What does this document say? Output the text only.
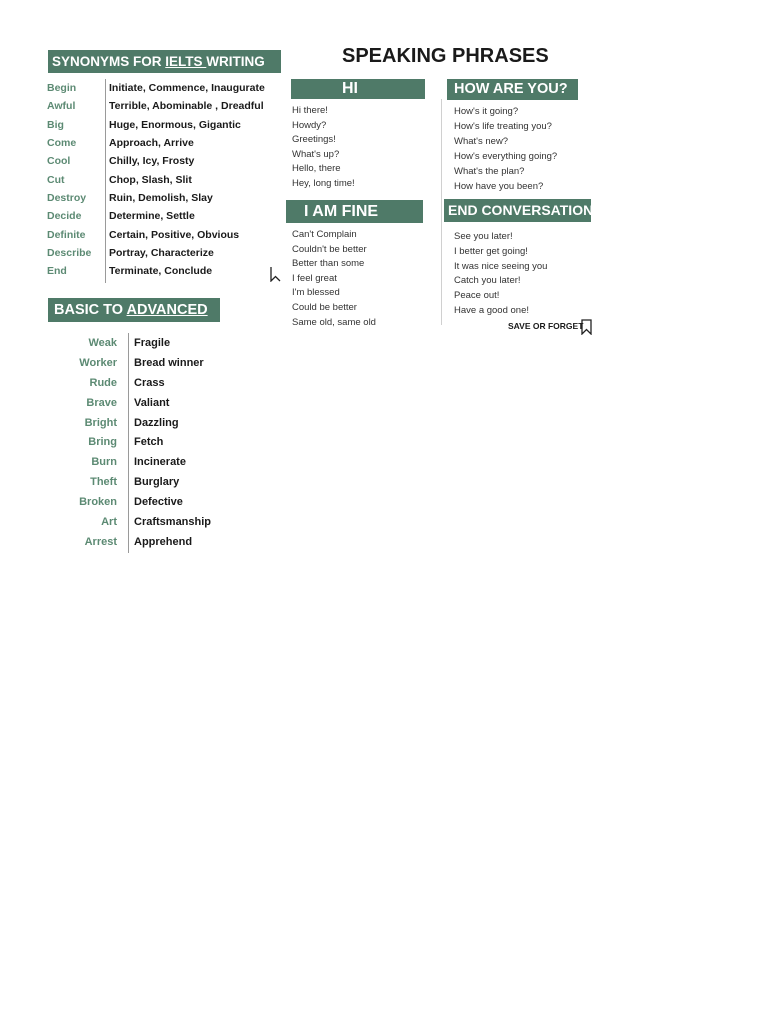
SYNONYMS FOR IELTS WRITING
Begin	Initiate, Commence, Inaugurate
Awful	Terrible, Abominable , Dreadful
Big	Huge, Enormous, Gigantic
Come	Approach, Arrive
Cool	Chilly, Icy, Frosty
Cut	Chop, Slash, Slit
Destroy	Ruin, Demolish, Slay
Decide	Determine, Settle
Definite	Certain, Positive, Obvious
Describe	Portray, Characterize
End	Terminate, Conclude
BASIC TO ADVANCED
Weak	Fragile
Worker	Bread winner
Rude	Crass
Brave	Valiant
Bright	Dazzling
Bring	Fetch
Burn	Incinerate
Theft	Burglary
Broken	Defective
Art	Craftsmanship
Arrest	Apprehend
SPEAKING PHRASES
HI
Hi there!
Howdy?
Greetings!
What's up?
Hello, there
Hey, long time!
HOW ARE YOU?
How's it going?
How's life treating you?
What's new?
How's everything going?
What's the plan?
How have you been?
I AM FINE
Can't Complain
Couldn't be better
Better than some
I feel great
I'm blessed
Could be better
Same old, same old
END CONVERSATION
See you later!
I better get going!
It was nice seeing you
Catch you later!
Peace out!
Have a good one!
SAVE OR FORGET
